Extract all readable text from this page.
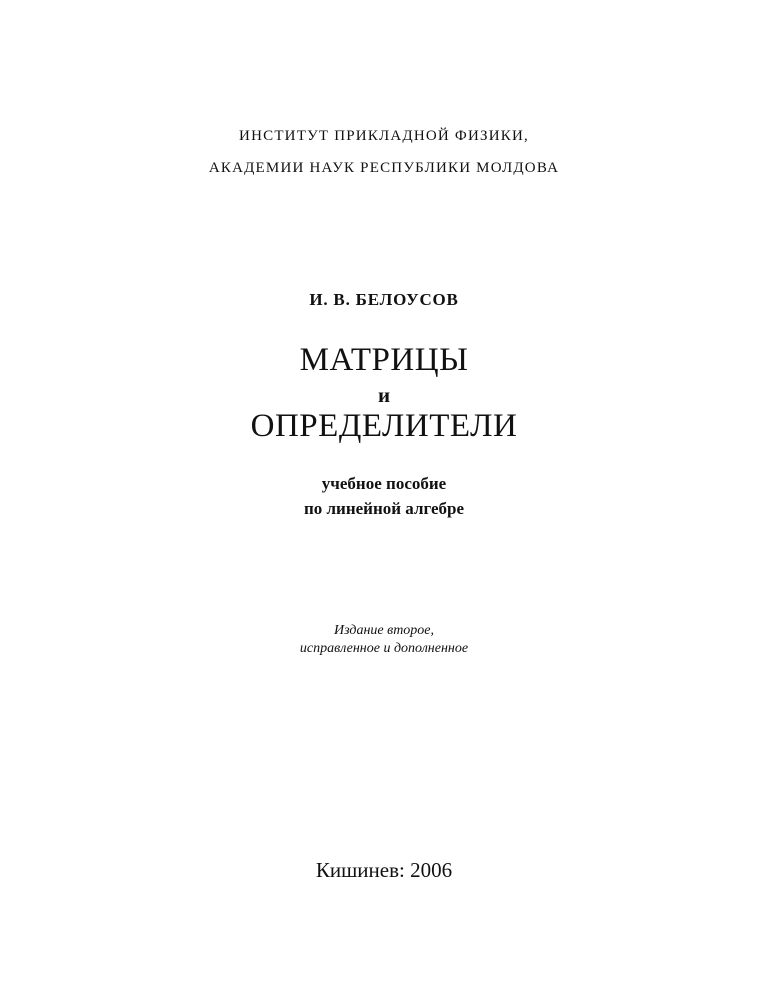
ИНСТИТУТ ПРИКЛАДНОЙ ФИЗИКИ,
АКАДЕМИИ НАУК РЕСПУБЛИКИ МОЛДОВА
И. В. БЕЛОУСОВ
МАТРИЦЫ
и
ОПРЕДЕЛИТЕЛИ
учебное пособие
по линейной алгебре
Издание второе,
исправленное и дополненное
Кишинев: 2006
